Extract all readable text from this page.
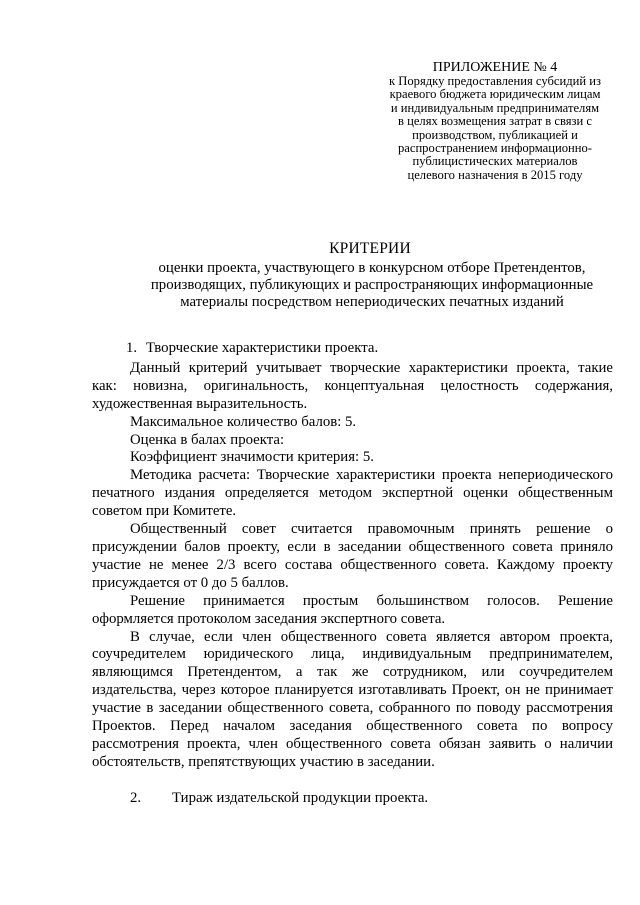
ПРИЛОЖЕНИЕ № 4
к Порядку предоставления субсидий из
краевого бюджета юридическим лицам
и индивидуальным предпринимателям
в целях возмещения затрат в связи с
производством, публикацией и
распространением информационно-
публицистических материалов
целевого назначения в 2015 году
КРИТЕРИИ
оценки проекта, участвующего в конкурсном отборе Претендентов, производящих, публикующих и распространяющих информационные материалы посредством непериодических печатных изданий

1. Творческие характеристики проекта.

Данный критерий учитывает творческие характеристики проекта, такие как: новизна, оригинальность, концептуальная целостность содержания, художественная выразительность.

Максимальное количество балов: 5.

Оценка в балах проекта:

Коэффициент значимости критерия: 5.

Методика расчета: Творческие характеристики проекта непериодического печатного издания определяется методом экспертной оценки общественным советом при Комитете.

Общественный совет считается правомочным принять решение о присуждении балов проекту, если в заседании общественного совета приняло участие не менее 2/3 всего состава общественного совета. Каждому проекту присуждается от 0 до 5 баллов.

Решение принимается простым большинством голосов. Решение оформляется протоколом заседания экспертного совета.

В случае, если член общественного совета является автором проекта, соучредителем юридического лица, индивидуальным предпринимателем, являющимся Претендентом, а так же сотрудником, или соучредителем издательства, через которое планируется изготавливать Проект, он не принимает участие в заседании общественного совета, собранного по поводу рассмотрения Проектов. Перед началом заседания общественного совета по вопросу рассмотрения проекта, член общественного совета обязан заявить о наличии обстоятельств, препятствующих участию в заседании.

2. Тираж издательской продукции проекта.
